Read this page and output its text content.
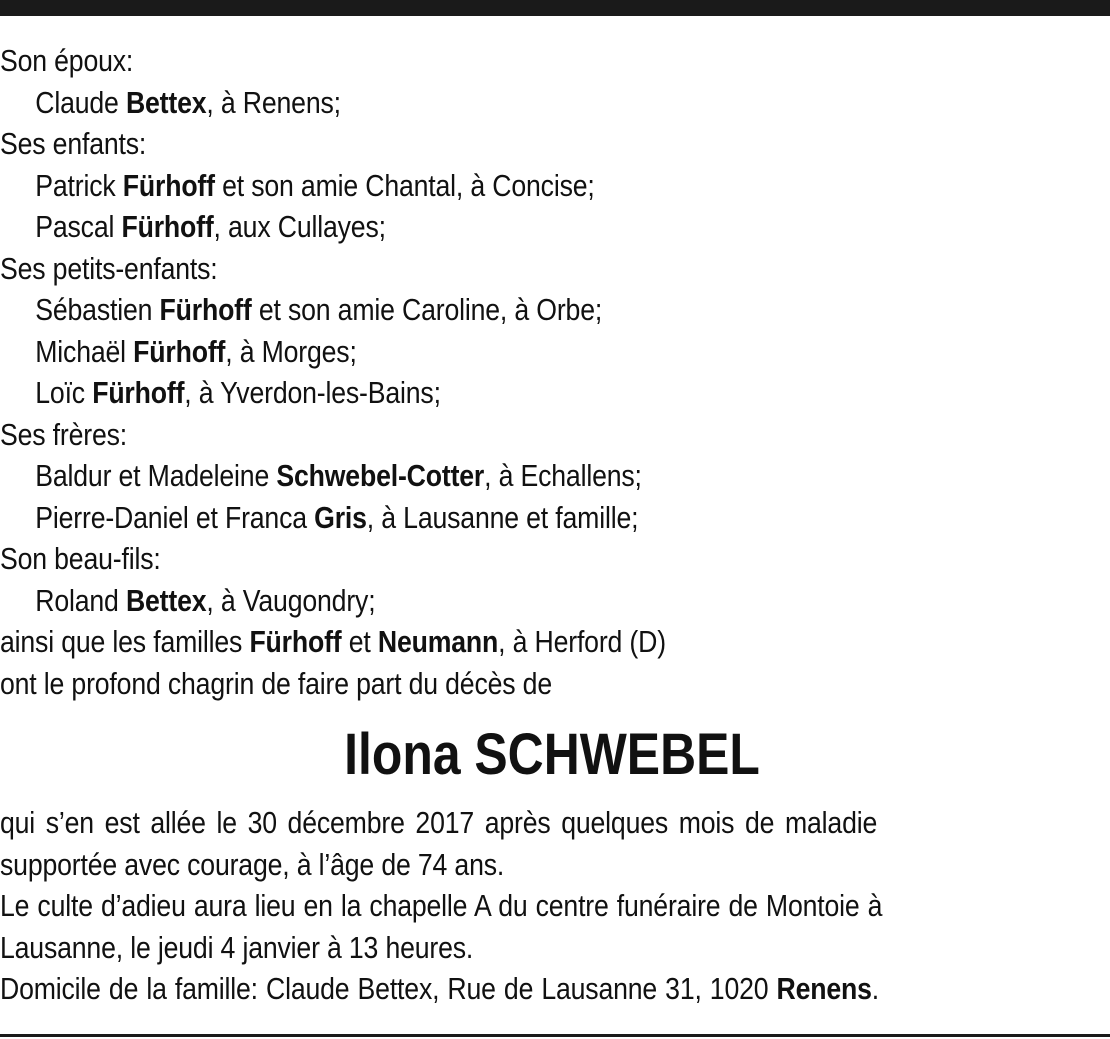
Son époux:
Claude Bettex, à Renens;
Ses enfants:
Patrick Fürhoff et son amie Chantal, à Concise;
Pascal Fürhoff, aux Cullayes;
Ses petits-enfants:
Sébastien Fürhoff et son amie Caroline, à Orbe;
Michaël Fürhoff, à Morges;
Loïc Fürhoff, à Yverdon-les-Bains;
Ses frères:
Baldur et Madeleine Schwebel-Cotter, à Echallens;
Pierre-Daniel et Franca Gris, à Lausanne et famille;
Son beau-fils:
Roland Bettex, à Vaugondry;
ainsi que les familles Fürhoff et Neumann, à Herford (D)
ont le profond chagrin de faire part du décès de
Ilona SCHWEBEL
qui s’en est allée le 30 décembre 2017 après quelques mois de maladie
supportée avec courage, à l’âge de 74 ans.
Le culte d’adieu aura lieu en la chapelle A du centre funéraire de Montoie à
Lausanne, le jeudi 4 janvier à 13 heures.
Domicile de la famille: Claude Bettex, Rue de Lausanne 31, 1020 Renens.
